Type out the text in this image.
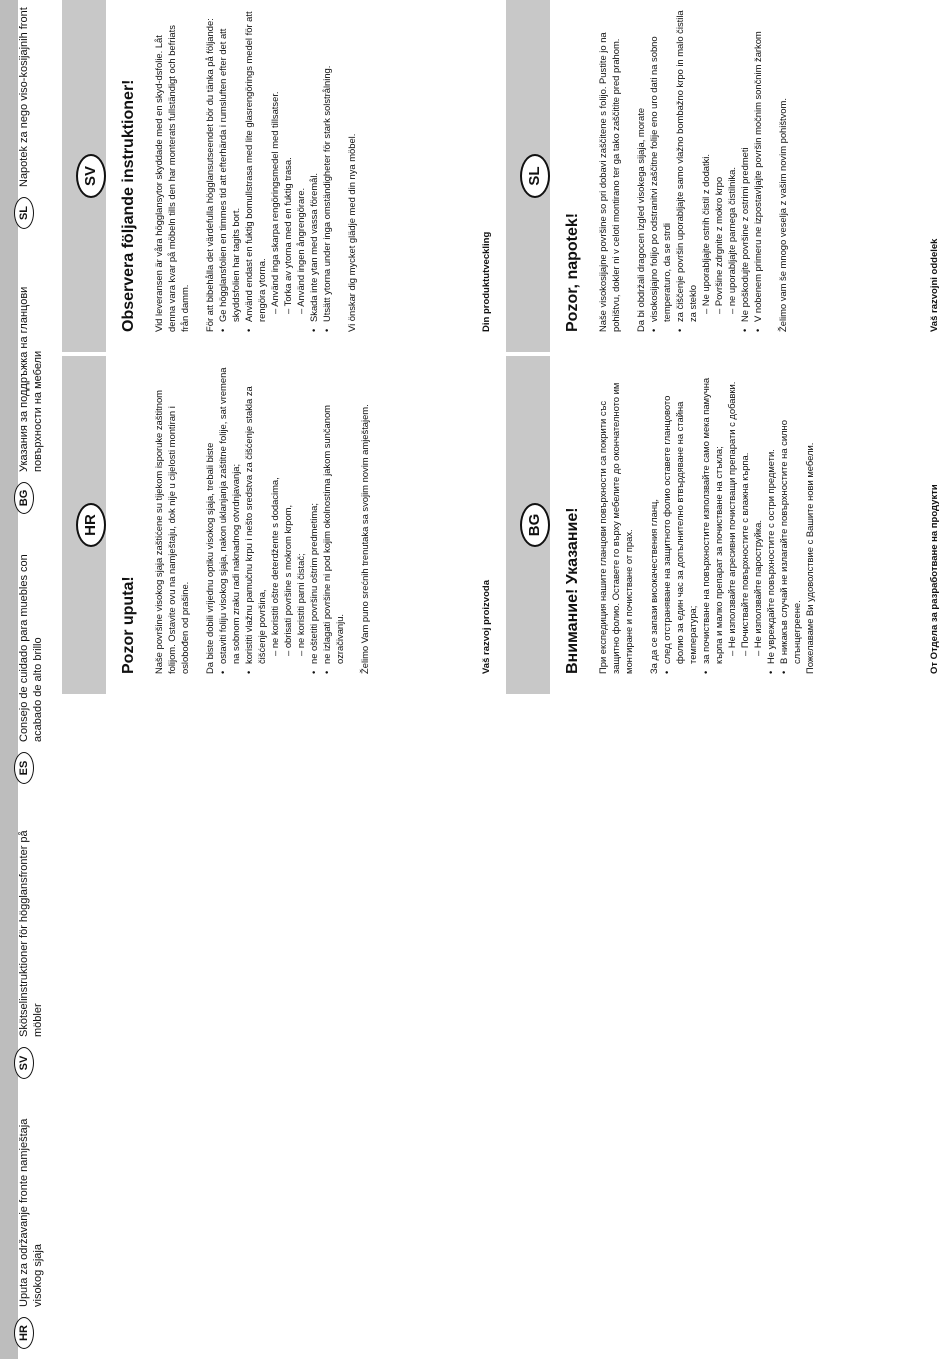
HR
Uputa za održavanje fronte namještaja visokog sjaja
SV
Skötselinstruktioner för högglansfronter på möbler
ES
Consejo de cuidado para muebles con acabado de alto brillo
BG
Указания за поддръжка на гланцови повърхности на мебели
SL
Napotek za nego viso-kosijajnih front
HR
Pozor uputa! Naše površine visokog sjaja zaštićene su tijekom isporuke zaštitnom folijom. Ostavite ovu na namještaju, dok nije u cijelosti montiran i oslobođen od prašine. Da biste dobili vrijednu optiku visokog sjaja, trebali biste • ostaviti foliju visokog sjaja, nakon uklanjanja zaštitne folije, sat vremena na sobnom zraku radi naknadnog otvrdnjavanja; • koristiti vlažnu pamučnu krpu i nešto sredstva za čišćenje stakla za čišćenje površina, – ne koristiti oštre deterdžente s dodacima, – obrisati površine s mokrom krpom, – ne koristiti parni čistač; • ne oštetiti površinu oštrim predmetima; • ne izlagati površine ni pod kojim okolnostima jakom sunčanom ozračivanju. Želimo Vam puno srećnih trenutaka sa svojim novim amještajem.	Vaš razvoj proizvoda
BG	Внимание! Указание! При експедиция нашите гланцови повърхности са покрити със защитно фолио. Оставете го върху мебелите до окончателното им монтиране и почистване от прах. За да се запази високачествения гланц, • след отстраняване на защитното фолио оставете гланцовото фолио за един час за допълнително втвърдяване на стайна температура; • за почистване на повърхностите използвайте само мека памучна кърпа и малко препарат за почистване на стъкла; – Не използвайте агресивни почистващи препарати с добавки. – Почиствайте повърхностите с влажна кърпа. – Не използвайте пароструйка. • Не увреждайте повърхностите с остри предмети. • В никакъв случай не излагайте повърхностите на силно слънцегреене. Пожелаваме Ви удоволствие с Вашите нови мебели.	От Отдела за разработване на продукти
SV	Observera följande instruktioner! Vid leveransen är våra högglansytor skyddade med en skyd-dsfolie. Låt denna vara kvar på möbeln tills den har monterats fullständigt och befriats från damm. För att bibehålla det värdefulla högglansutseendet bör du tänka på följande: • Ge högglansfolien en timmes tid att efterhärda i rumsluften efter det att skyddsfolien har tagits bort. • Använd endast en fuktig bomullstrasa med lite glasrengörings medel för att rengöra ytorna. – Använd inga skarpa rengöringsmedel med tillsatser. – Torka av ytorna med en fuktig trasa. – Använd ingen ångrengörare. • Skada inte ytan med vassa föremål. • Utsätt ytorna under inga omständigheter för stark solstrålning. Vi önskar dig mycket glädje med din nya möbel.	Din produktutveckling
SL
Pozor, napotek! Naše visokosijajne površine so pri dobavi zaščitene s folijo. Pustite jo na pohištvu, dokler ni v celoti montirano ter ga tako zaščitite pred prahom. Da bi obdržali dragocen izgled visokega sijaja, morate • visokosijajno folijo po odstranitvi zaščitne folije eno uro dati na sobno temperaturo, da se strdi • za čiščenje površin uporabljajte samo vlažno bombažno krpo in malo čistila za steklo – Ne uporabljajte ostrih čistil z dodatki. – Površine zdrgnite z mokro krpo – ne uporabljajte parnega čistilnika. • Ne poškodujte površine z ostrimi predmeti • V nobenem primeru ne izpostavljajte površin močnim sončnim žarkom Želimo vam še mnogo veselja z vašim novim pohištvom.	Vaš razvojni oddelek
